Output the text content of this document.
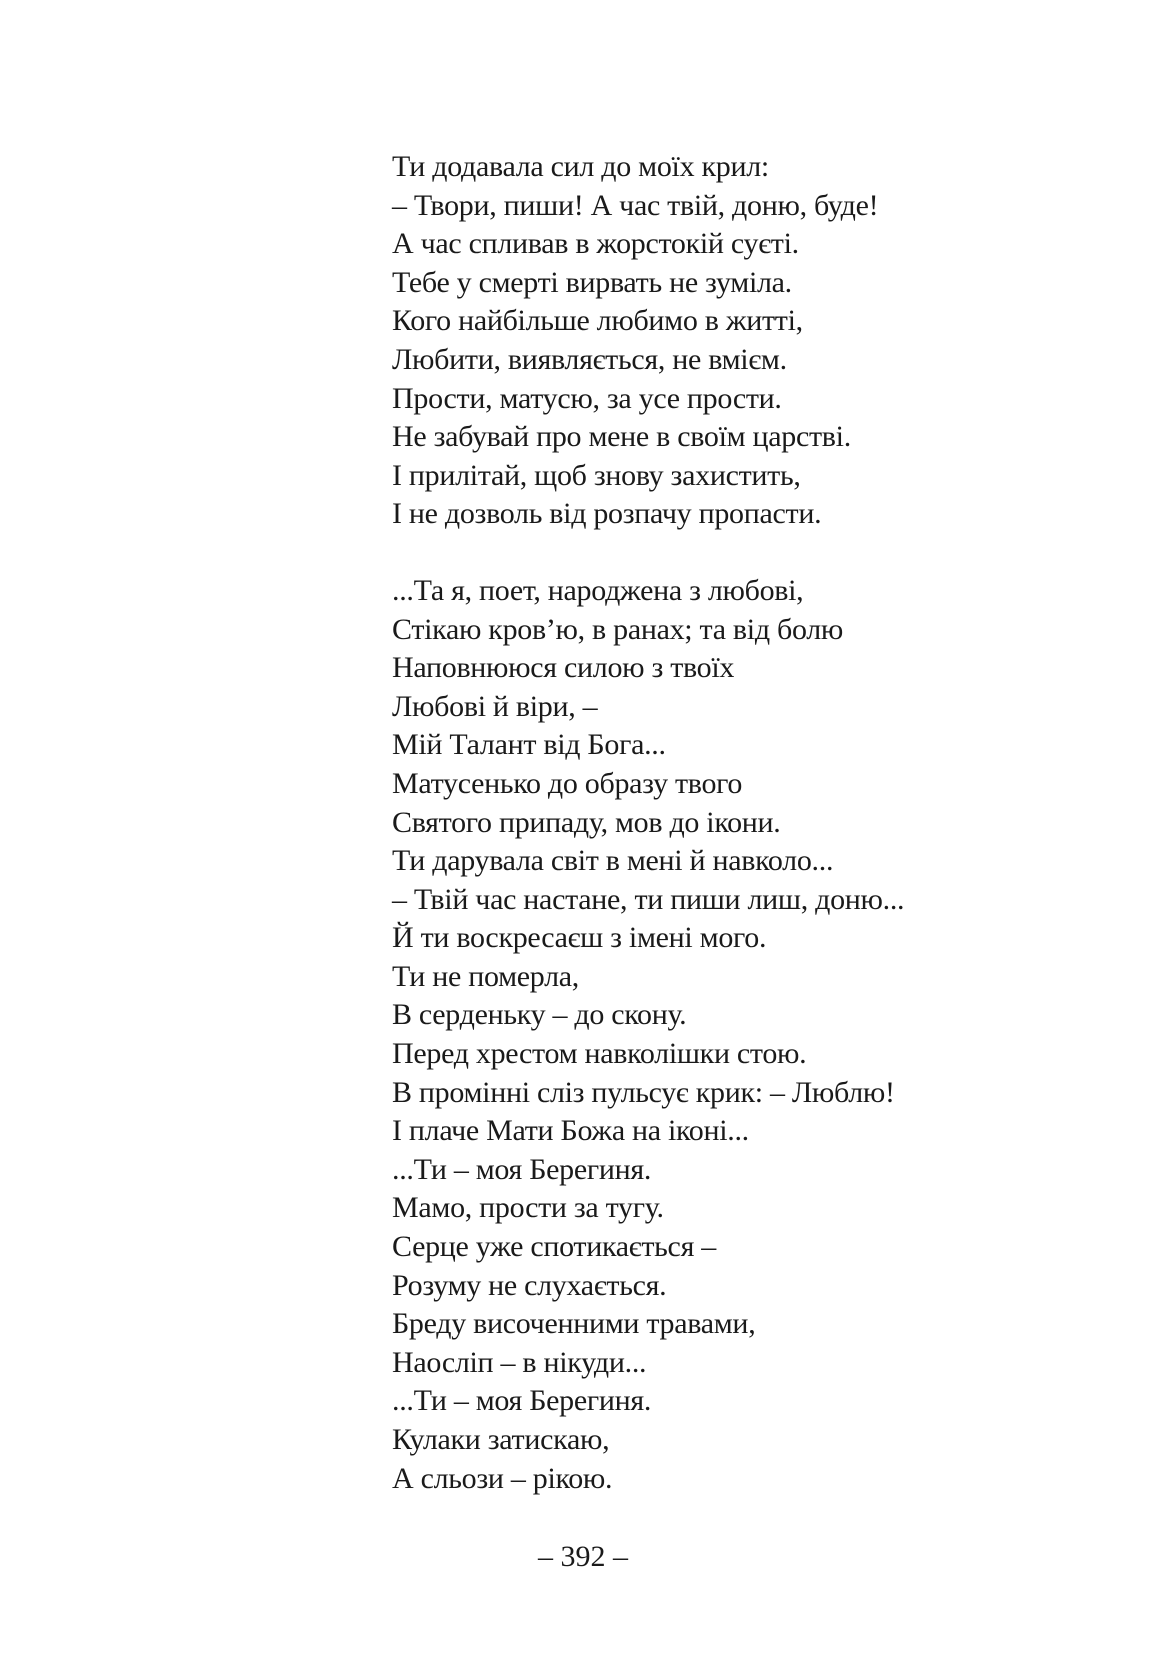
Ти додавала сил до моїх крил:
– Твори, пиши! А час твій, доню, буде!
А час спливав в жорстокій суєті.
Тебе у смерті вирвать не зуміла.
Кого найбільше любимо в житті,
Любити, виявляється, не вмієм.
Прости, матусю, за усе прости.
Не забувай про мене в своїм царстві.
І прилітай, щоб знову захистить,
І не дозволь від розпачу пропасти.
...Та я, поет, народжена з любові,
Стікаю кров’ю, в ранах; та від болю
Наповнююся силою з твоїх
Любові й віри, –
Мій Талант від Бога...
Матусенько до образу твого
Святого припаду, мов до ікони.
Ти дарувала світ в мені й навколо...
– Твій час настане, ти пиши лиш, доню...
Й ти воскресаєш з імені мого.
Ти не померла,
В серденьку – до скону.
Перед хрестом навколішки стою.
В промінні сліз пульсує крик: – Люблю!
І плаче Мати Божа на іконі...
...Ти – моя Берегиня.
Мамо, прости за тугу.
Серце уже спотикається –
Розуму не слухається.
Бреду височенними травами,
Наосліп – в нікуди...
...Ти – моя Берегиня.
Кулаки затискаю,
А сльози – рікою.
– 392 –
